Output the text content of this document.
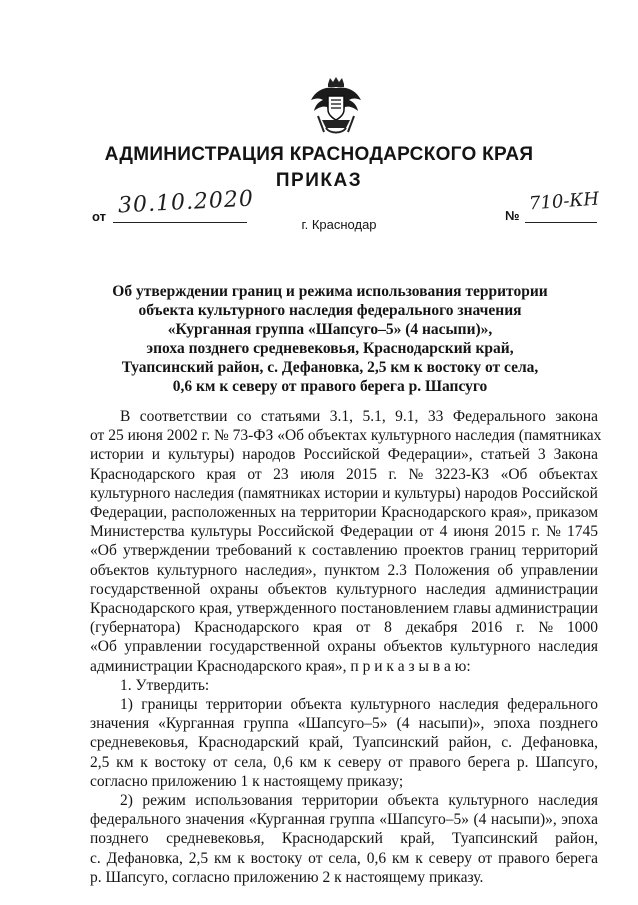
АДМИНИСТРАЦИЯ КРАСНОДАРСКОГО КРАЯ
ПРИКАЗ
от 30.10.2020
г. Краснодар
№
710-КН
Об утверждении границ и режима использования территории
объекта культурного наследия федерального значения
«Курганная группа «Шапсуго–5» (4 насыпи)»,
эпоха позднего средневековья, Краснодарский край,
Туапсинский район, с. Дефановка, 2,5 км к востоку от села,
0,6 км к северу от правого берега р. Шапсуго
В соответствии со статьями 3.1, 5.1, 9.1, 33 Федерального закона
от 25 июня 2002 г. № 73-ФЗ «Об объектах культурного наследия (памятниках
истории и культуры) народов Российской Федерации», статьей 3 Закона
Краснодарского края от 23 июля 2015 г. № 3223-КЗ «Об объектах
культурного наследия (памятниках истории и культуры) народов Российской
Федерации, расположенных на территории Краснодарского края», приказом
Министерства культуры Российской Федерации от 4 июня 2015 г. № 1745
«Об утверждении требований к составлению проектов границ территорий
объектов культурного наследия», пунктом 2.3 Положения об управлении
государственной охраны объектов культурного наследия администрации
Краснодарского края, утвержденного постановлением главы администрации
(губернатора) Краснодарского края от 8 декабря 2016 г. № 1000
«Об управлении государственной охраны объектов культурного наследия
администрации Краснодарского края», п р и к а з ы в а ю:
1. Утвердить:
1) границы территории объекта культурного наследия федерального
значения «Курганная группа «Шапсуго–5» (4 насыпи)», эпоха позднего
средневековья, Краснодарский край, Туапсинский район, с. Дефановка,
2,5 км к востоку от села, 0,6 км к северу от правого берега р. Шапсуго,
согласно приложению 1 к настоящему приказу;
2) режим использования территории объекта культурного наследия
федерального значения «Курганная группа «Шапсуго–5» (4 насыпи)», эпоха
позднего средневековья, Краснодарский край, Туапсинский район,
с. Дефановка, 2,5 км к востоку от села, 0,6 км к северу от правого берега
р. Шапсуго, согласно приложению 2 к настоящему приказу.
